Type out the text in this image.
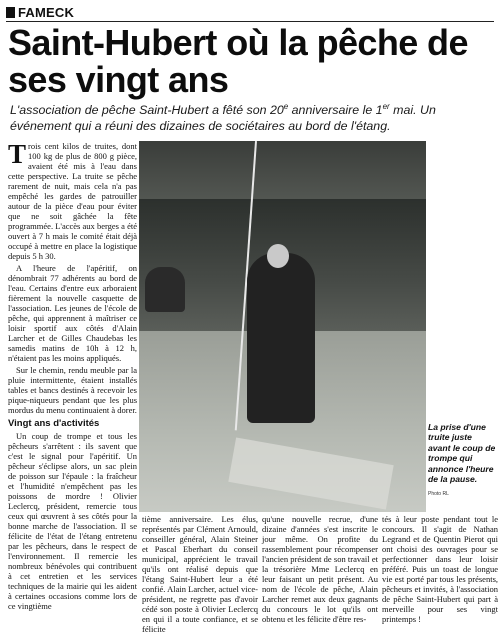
FAMECK
Saint-Hubert où la pêche de ses vingt ans
L'association de pêche Saint-Hubert a fêté son 20e anniversaire le 1er mai. Un événement qui a réuni des dizaines de sociétaires au bord de l'étang.

Trois cent kilos de truites, dont 100 kg de plus de 800 g pièce, avaient été mis à l'eau dans cette perspective. La truite se pêche rarement de nuit, mais cela n'a pas empêché les gardes de patrouiller autour de la pièce d'eau pour éviter que ne soit gâchée la fête programmée. L'accès aux berges a été ouvert à 7 h mais le comité était déjà occupé à mettre en place la logistique depuis 5 h 30.

A l'heure de l'apéritif, on dénombrait 77 adhérents au bord de l'eau. Certains d'entre eux arboraient fièrement la nouvelle casquette de l'association. Les jeunes de l'école de pêche, qui apprennent à maîtriser ce loisir sportif aux côtés d'Alain Larcher et de Gilles Chaudebas les samedis matins de 10h à 12 h, n'étaient pas les moins appliqués.

Sur le chemin, rendu meuble par la pluie intermittente, étaient installés tables et bancs destinés à recevoir les pique-niqueurs pendant que les plus mordus du menu continuaient à dorer.

Vingt ans d'activités

Un coup de trompe et tous les pêcheurs s'arrêtent : ils savent que c'est le signal pour l'apéritif. Un pêcheur s'éclipse alors, un sac plein de poisson sur l'épaule : la fraîcheur et l'humidité n'empêchent pas les poissons de mordre ! Olivier Leclercq, président, remercie tous ceux qui œuvrent à ses côtés pour la bonne marche de l'association. Il se félicite de l'état de l'étang entretenu par les pêcheurs, dans le respect de l'environnement. Il remercie les nombreux bénévoles qui contribuent à cet entretien et les services techniques de la mairie qui les aident à certaines occasions comme lors de ce vingtième

La prise d'une truite juste avant le coup de trompe qui annonce l'heure de la pause.
Photo RL

tième anniversaire. Les élus, représentés par Clément Arnould, conseiller général, Alain Steiner et Pascal Eberhart du conseil municipal, apprécient le travail qu'ils ont réalisé depuis que l'étang Saint-Hubert leur a été confié. Alain Larcher, actuel vice-président, ne regrette pas d'avoir cédé son poste à Olivier Leclercq en qui il a toute confiance, et se félicite

qu'une nouvelle recrue, d'une dizaine d'années s'est inscrite le jour même. On profite du rassemblement pour récompenser l'ancien président de son travail et la trésorière Mme Leclercq en leur faisant un petit présent. Au nom de l'école de pêche, Alain Larcher remet aux deux gagnants du concours le lot qu'ils ont obtenu et les félicite d'être res-

tés à leur poste pendant tout le concours. Il s'agit de Nathan Legrand et de Quentin Pierot qui ont choisi des ouvrages pour se perfectionner dans leur loisir préféré. Puis un toast de longue vie est porté par tous les présents, pêcheurs et invités, à l'association de pêche Saint-Hubert qui part à merveille pour ses vingt printemps !
